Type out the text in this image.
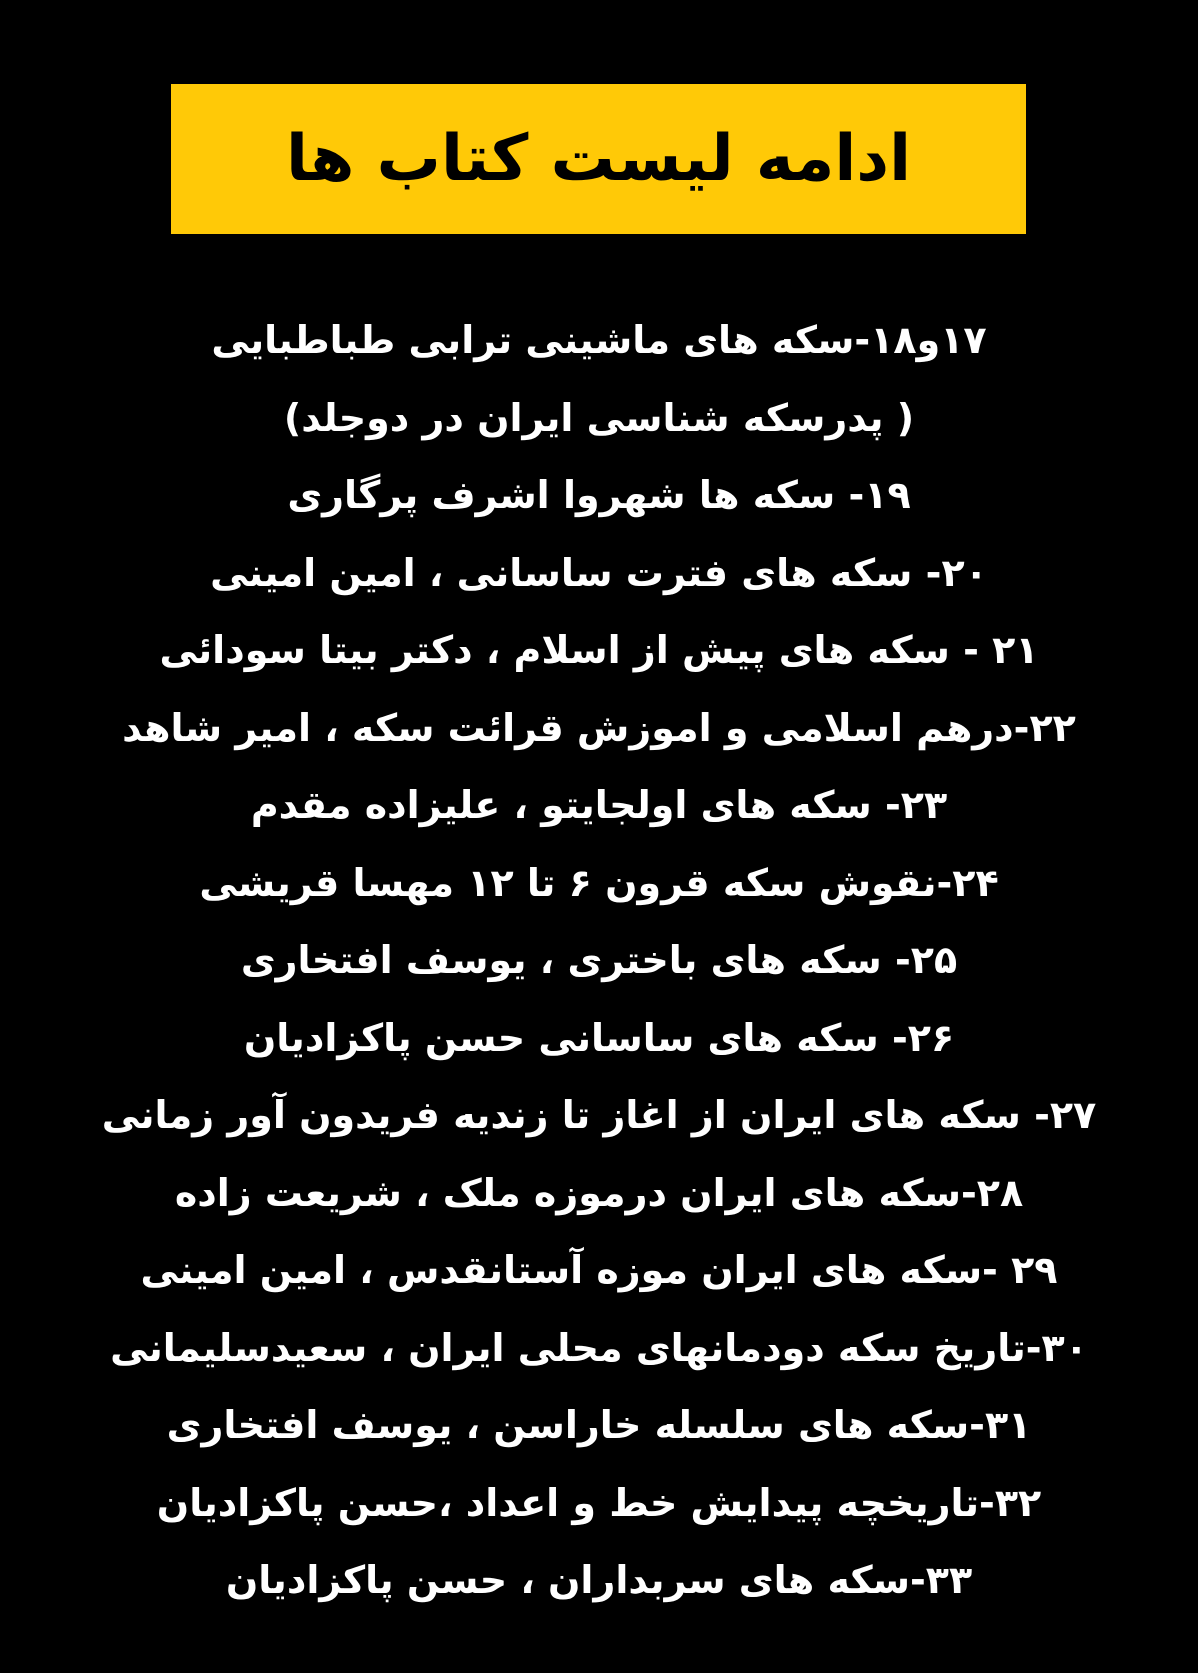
ادامه لیست کتاب ها
۱۷و۱۸-سکه های ماشینی ترابی طباطبایی
( پدرسکه شناسی ایران در دوجلد)
۱۹- سکه ها شهروا اشرف پرگاری
۲۰- سکه های فترت ساسانی ، امین امینی
۲۱ - سکه های پیش از اسلام ، دکتر بیتا سودائی
۲۲-درهم اسلامی و اموزش قرائت سکه ، امیر شاهد
۲۳- سکه های اولجایتو ، علیزاده مقدم
۲۴-نقوش سکه قرون ۶ تا ۱۲ مهسا قریشی
۲۵- سکه های باختری ، یوسف افتخاری
۲۶- سکه های ساسانی حسن پاکزادیان
۲۷- سکه های ایران از اغاز تا زندیه فریدون آور زمانی
۲۸-سکه های ایران درموزه ملک ، شریعت زاده
۲۹ -سکه های ایران موزه آستانقدس ، امین امینی
۳۰-تاریخ سکه دودمانهای محلی ایران ، سعیدسلیمانی
۳۱-سکه های سلسله خاراسن ، یوسف افتخاری
۳۲-تاریخچه پیدایش خط و اعداد ،حسن پاکزادیان
۳۳-سکه های سربداران ، حسن پاکزادیان
